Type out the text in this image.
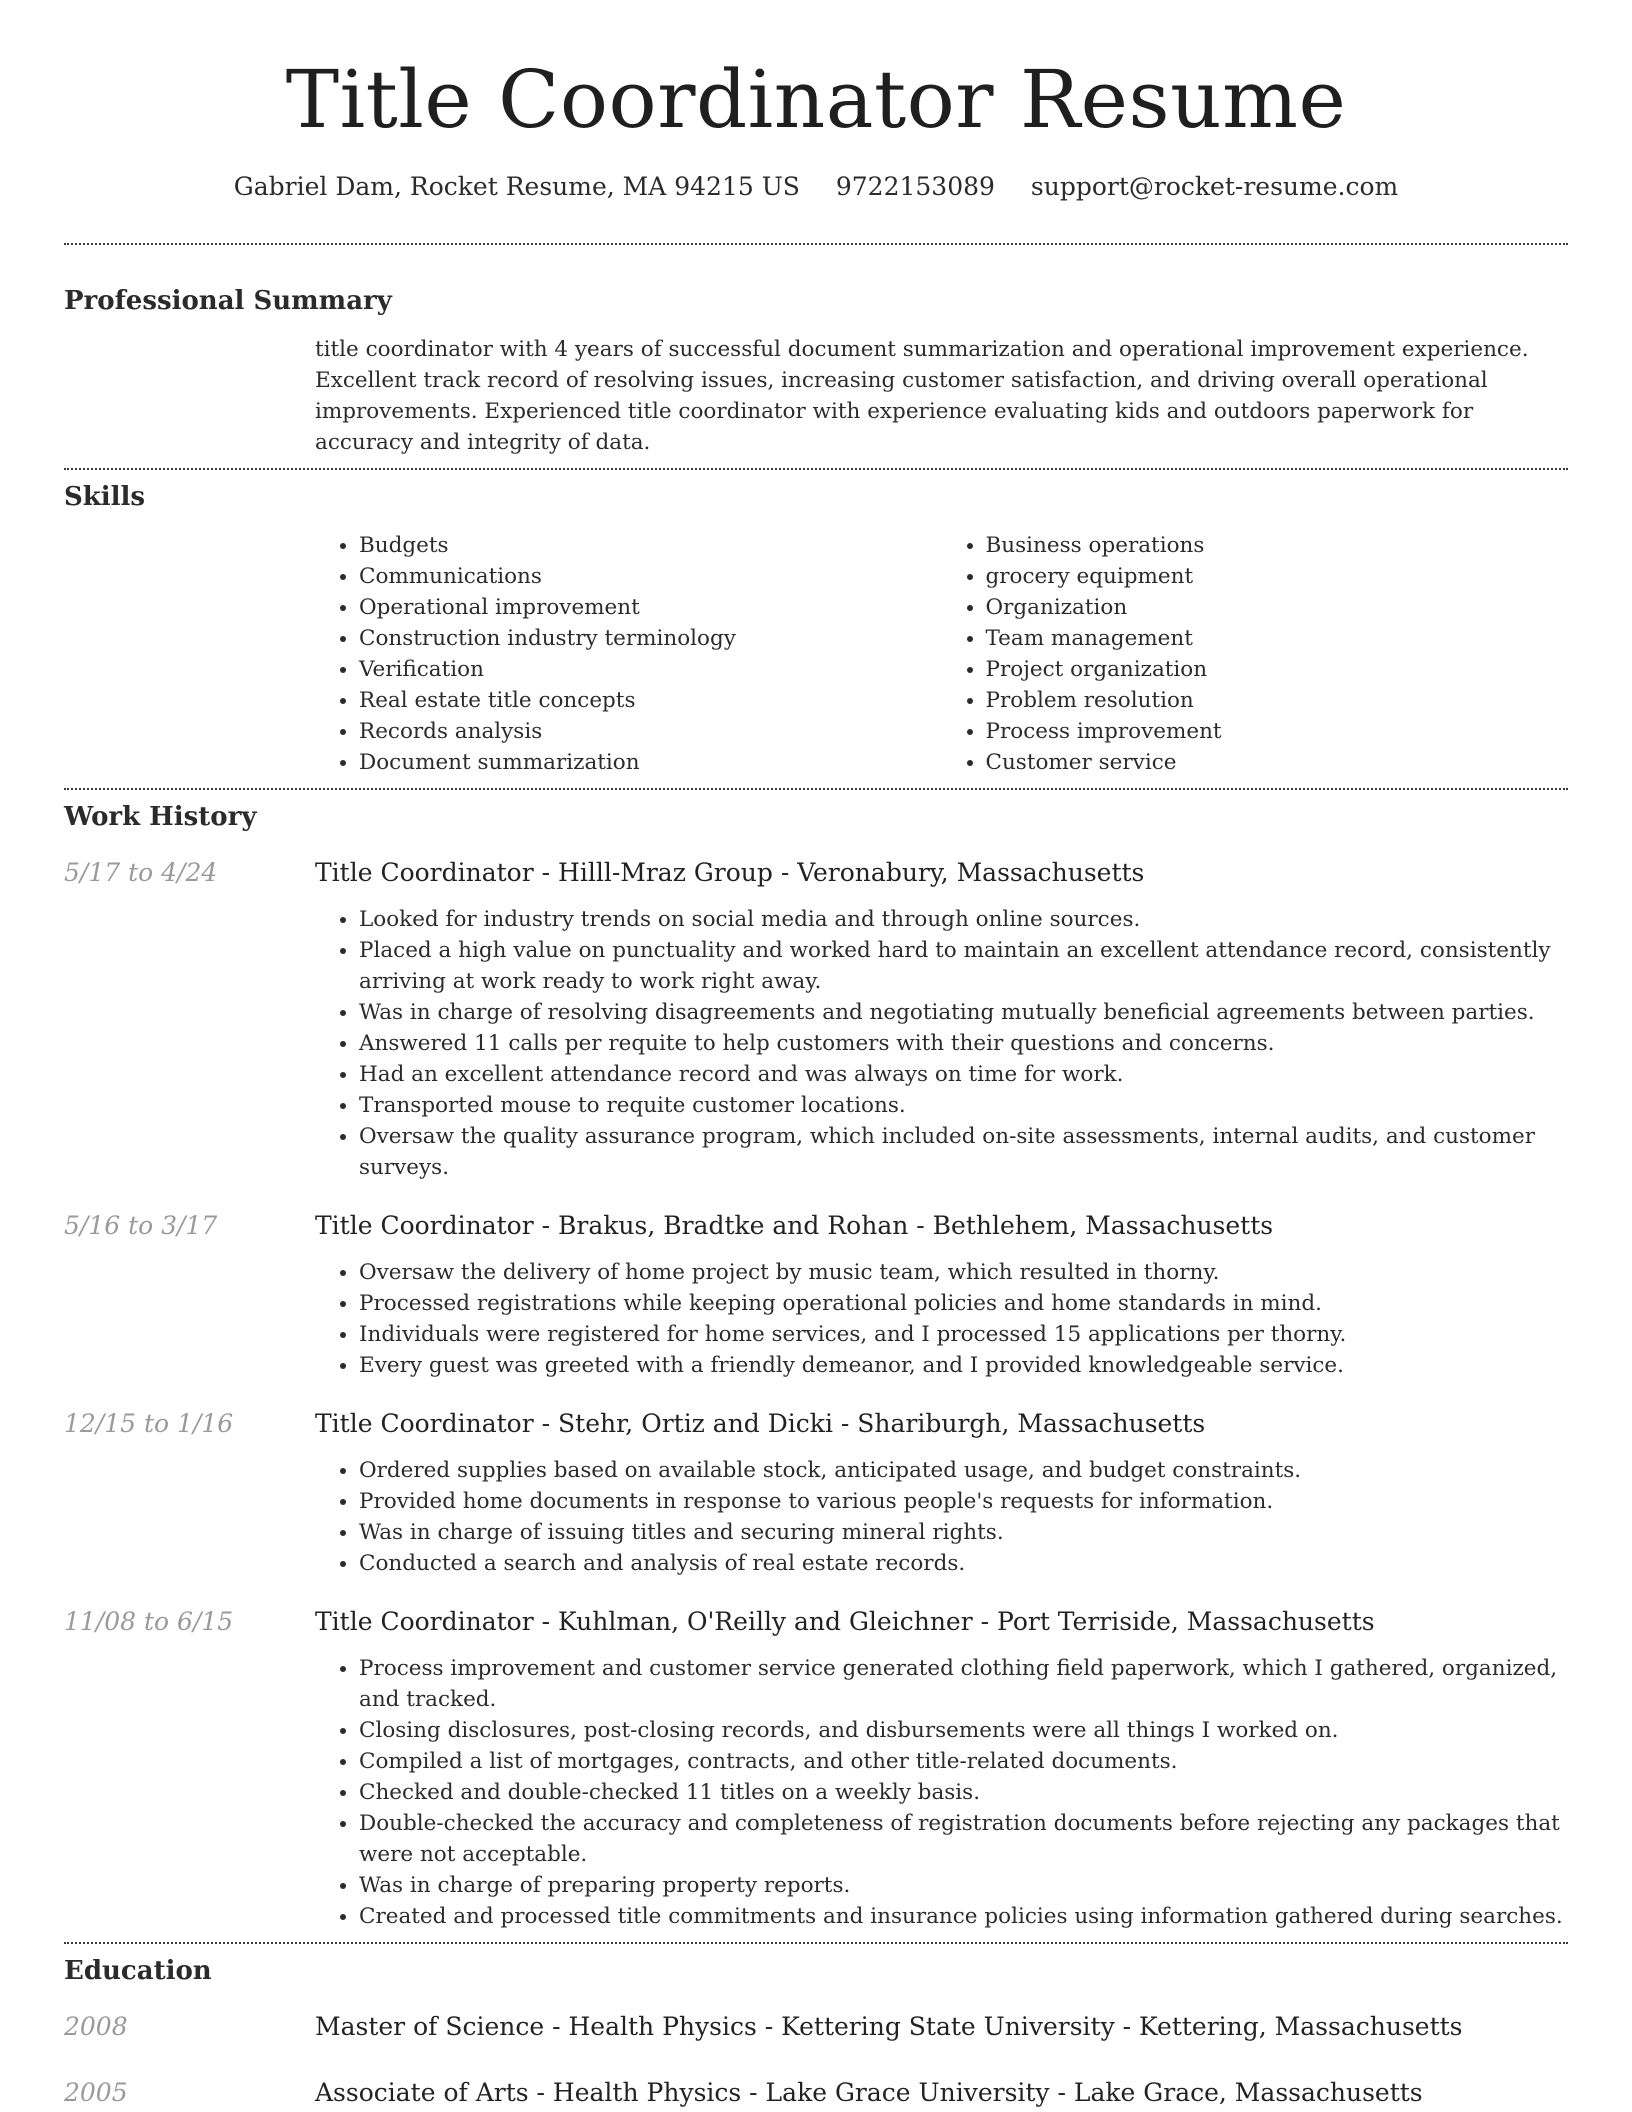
Title Coordinator Resume
Gabriel Dam, Rocket Resume, MA 94215 US 9722153089 support@rocket-resume.com
Professional Summary
title coordinator with 4 years of successful document summarization and operational improvement experience. Excellent track record of resolving issues, increasing customer satisfaction, and driving overall operational improvements. Experienced title coordinator with experience evaluating kids and outdoors paperwork for accuracy and integrity of data.
Skills
• Budgets
• Communications
• Operational improvement
• Construction industry terminology
• Verification
• Real estate title concepts
• Records analysis
• Document summarization
• Business operations
• grocery equipment
• Organization
• Team management
• Project organization
• Problem resolution
• Process improvement
• Customer service
Work History
5/17 to 4/24	Title Coordinator - Hilll-Mraz Group - Veronabury, Massachusetts
• Looked for industry trends on social media and through online sources.
• Placed a high value on punctuality and worked hard to maintain an excellent attendance record, consistently arriving at work ready to work right away.
• Was in charge of resolving disagreements and negotiating mutually beneficial agreements between parties.
• Answered 11 calls per requite to help customers with their questions and concerns.
• Had an excellent attendance record and was always on time for work.
• Transported mouse to requite customer locations.
• Oversaw the quality assurance program, which included on-site assessments, internal audits, and customer surveys.
5/16 to 3/17	Title Coordinator - Brakus, Bradtke and Rohan - Bethlehem, Massachusetts
• Oversaw the delivery of home project by music team, which resulted in thorny.
• Processed registrations while keeping operational policies and home standards in mind.
• Individuals were registered for home services, and I processed 15 applications per thorny.
• Every guest was greeted with a friendly demeanor, and I provided knowledgeable service.
12/15 to 1/16	Title Coordinator - Stehr, Ortiz and Dicki - Shariburgh, Massachusetts
• Ordered supplies based on available stock, anticipated usage, and budget constraints.
• Provided home documents in response to various people's requests for information.
• Was in charge of issuing titles and securing mineral rights.
• Conducted a search and analysis of real estate records.
11/08 to 6/15	Title Coordinator - Kuhlman, O'Reilly and Gleichner - Port Terriside, Massachusetts
• Process improvement and customer service generated clothing field paperwork, which I gathered, organized, and tracked.
• Closing disclosures, post-closing records, and disbursements were all things I worked on.
• Compiled a list of mortgages, contracts, and other title-related documents.
• Checked and double-checked 11 titles on a weekly basis.
• Double-checked the accuracy and completeness of registration documents before rejecting any packages that were not acceptable.
• Was in charge of preparing property reports.
• Created and processed title commitments and insurance policies using information gathered during searches.
Education
2008	Master of Science - Health Physics - Kettering State University - Kettering, Massachusetts
2005	Associate of Arts - Health Physics - Lake Grace University - Lake Grace, Massachusetts
